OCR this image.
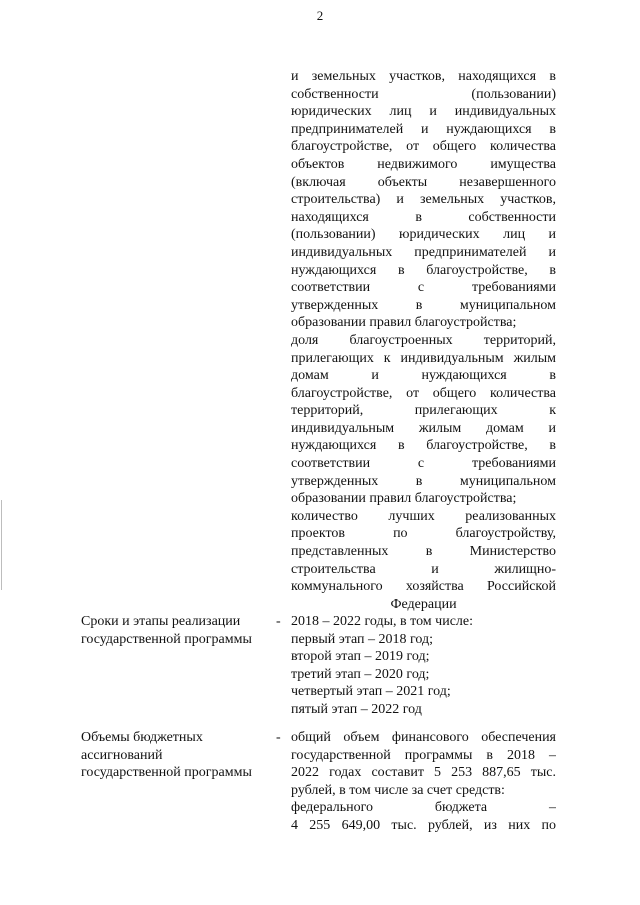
2
и земельных участков, находящихся в
собственности (пользовании)
юридических лиц и индивидуальных
предпринимателей и нуждающихся в
благоустройстве, от общего количества
объектов недвижимого имущества
(включая объекты незавершенного
строительства) и земельных участков,
находящихся в собственности
(пользовании) юридических лиц и
индивидуальных предпринимателей и
нуждающихся в благоустройстве, в
соответствии с требованиями
утвержденных в муниципальном
образовании правил благоустройства;
доля благоустроенных территорий,
прилегающих к индивидуальным жилым
домам и нуждающихся в
благоустройстве, от общего количества
территорий, прилегающих к
индивидуальным жилым домам и
нуждающихся в благоустройстве, в
соответствии с требованиями
утвержденных в муниципальном
образовании правил благоустройства;
количество лучших реализованных
проектов по благоустройству,
представленных в Министерство
строительства и жилищно-
коммунального хозяйства Российской
Федерации
Сроки и этапы реализации
государственной программы
- 2018 – 2022 годы, в том числе:
первый этап – 2018 год;
второй этап – 2019 год;
третий этап – 2020 год;
четвертый этап – 2021 год;
пятый этап – 2022 год
Объемы бюджетных
ассигнований
государственной программы
- общий объем финансового обеспечения
государственной программы в 2018 –
2022 годах составит 5 253 887,65 тыс.
рублей, в том числе за счет средств:
федерального бюджета –
4 255 649,00 тыс. рублей, из них по
